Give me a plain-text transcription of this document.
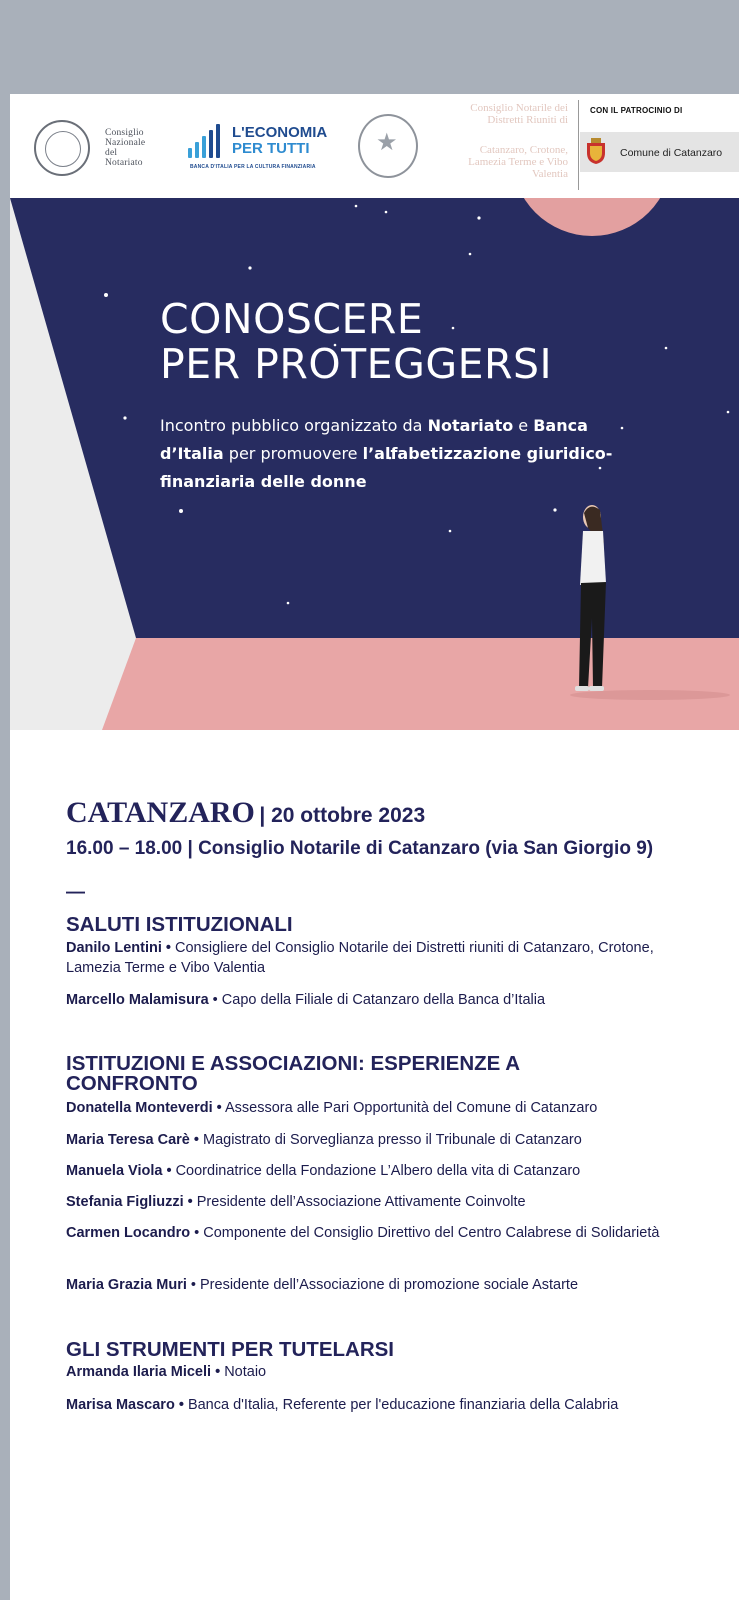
Consiglio
Nazionale
del
Notariato
L'ECONOMIA
PER TUTTI
BANCA D'ITALIA PER LA CULTURA FINANZIARIA
★
Consiglio Notarile dei
Distretti Riuniti di
Catanzaro, Crotone,
Lamezia Terme e Vibo
Valentia
CON IL PATROCINIO DI
Comune di Catanzaro
CONOSCERE
PER PROTEGGERSI
Incontro pubblico organizzato da Notariato e Banca d’Italia per promuovere l’alfabetizzazione giuridico-finanziaria delle donne
CATANZARO | 20 ottobre 2023
16.00 – 18.00 | Consiglio Notarile di Catanzaro (via San Giorgio 9)
—
SALUTI ISTITUZIONALI
Danilo Lentini • Consigliere del Consiglio Notarile dei Distretti riuniti di Catanzaro, Crotone, Lamezia Terme e Vibo Valentia
Marcello Malamisura • Capo della Filiale di Catanzaro della Banca d’Italia
ISTITUZIONI E ASSOCIAZIONI: ESPERIENZE A CONFRONTO
Donatella Monteverdi • Assessora alle Pari Opportunità del Comune di Catanzaro
Maria Teresa Carè • Magistrato di Sorveglianza presso il Tribunale di Catanzaro
Manuela Viola • Coordinatrice della Fondazione L’Albero della vita di Catanzaro
Stefania Figliuzzi • Presidente dell’Associazione Attivamente Coinvolte
Carmen Locandro • Componente del Consiglio Direttivo del Centro Calabrese di Solidarietà
Maria Grazia Muri • Presidente dell’Associazione di promozione sociale Astarte
GLI STRUMENTI PER TUTELARSI
Armanda Ilaria Miceli • Notaio
Marisa Mascaro • Banca d'Italia, Referente per l'educazione finanziaria della Calabria
